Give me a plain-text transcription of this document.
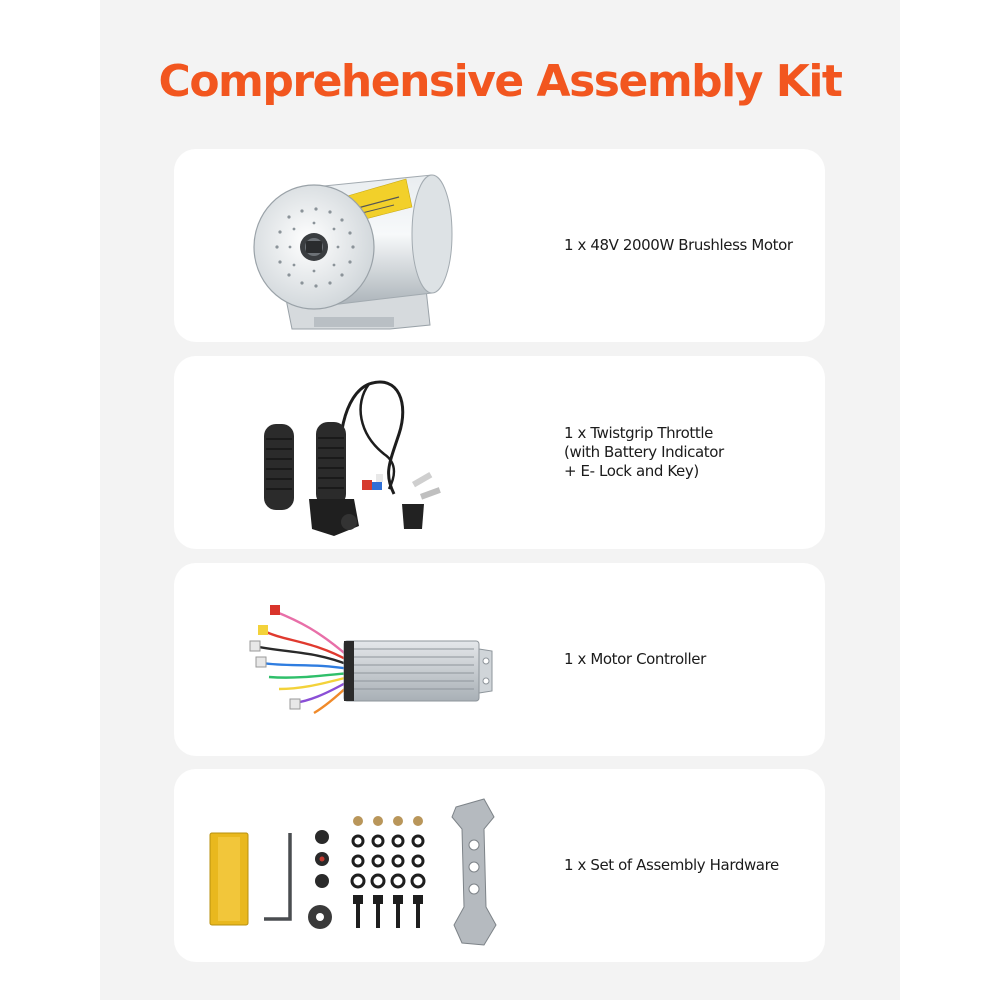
Comprehensive Assembly Kit
1 x 48V 2000W Brushless Motor
1 x Twistgrip Throttle
(with Battery Indicator
+ E- Lock and Key)
1 x Motor Controller
1 x Set of Assembly Hardware
